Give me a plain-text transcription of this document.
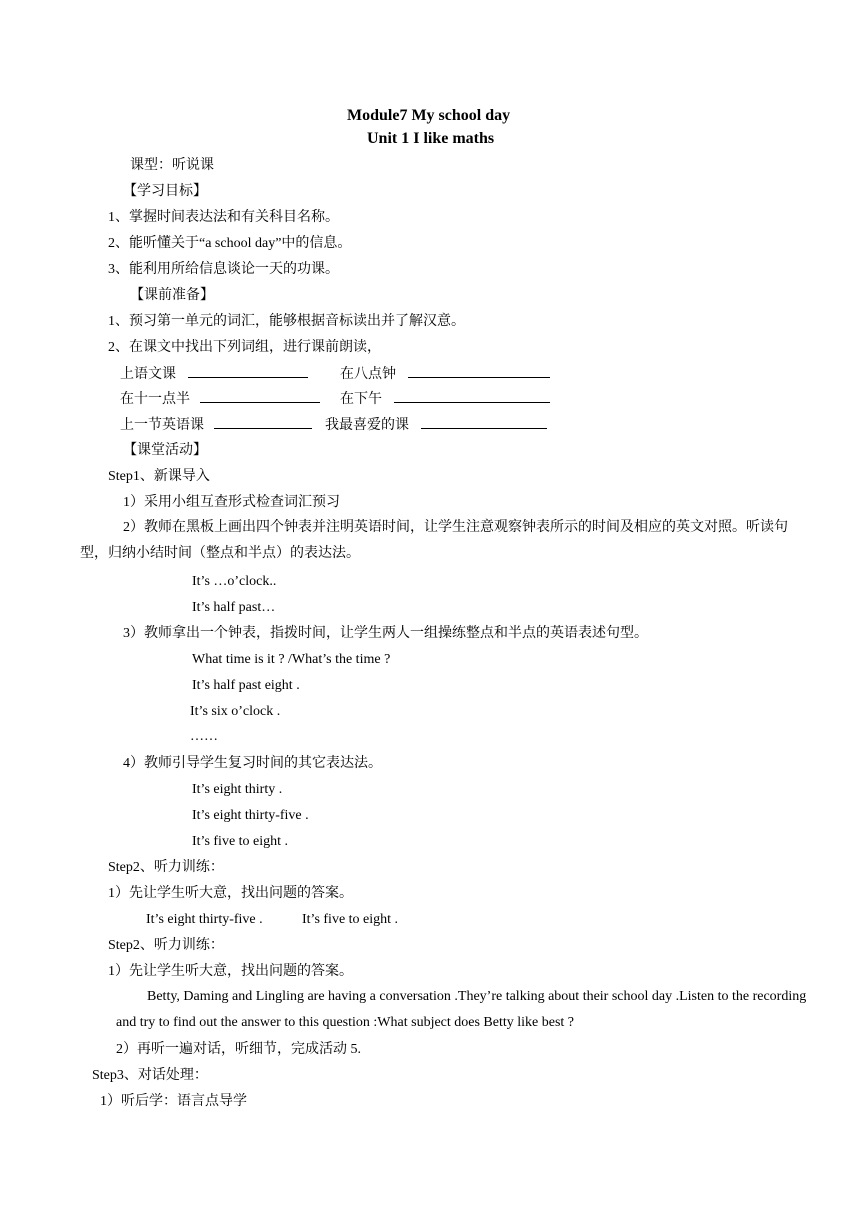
Module7 My school day
Unit 1 I like maths
课型：听说课
【学习目标】
1、掌握时间表达法和有关科目名称。
2、能听懂关于“a school day”中的信息。
3、能利用所给信息谈论一天的功课。
【课前准备】
1、预习第一单元的词汇，能够根据音标读出并了解汉意。
2、在课文中找出下列词组，进行课前朗读，
上语文课	在八点钟
在十一点半	在下午
上一节英语课	我最喜爱的课
【课堂活动】
Step1、新课导入
1）采用小组互查形式检查词汇预习
2）教师在黑板上画出四个钟表并注明英语时间，让学生注意观察钟表所示的时间及相应的英文对照。听读句型，归纳小结时间（整点和半点）的表达法。
It’s …o’clock..
It’s half past…
3）教师拿出一个钟表，指拨时间，让学生两人一组操练整点和半点的英语表述句型。
What time is it ? /What’s the time ?
It’s half past eight .
It’s six o’clock .
……
4）教师引导学生复习时间的其它表达法。
It’s eight thirty .
It’s eight thirty-five .
It’s five to eight .
Step2、听力训练：
1）先让学生听大意，找出问题的答案。
It’s eight thirty-five .	It’s five to eight .
Step2、听力训练：
1）先让学生听大意，找出问题的答案。
Betty, Daming and Lingling are having a conversation .They’re talking about their school day .Listen to the recording and try to find out the answer to this question :What subject does Betty like best ?
2）再听一遍对话，听细节，完成活动 5.
Step3、对话处理：
1）听后学：语言点导学
